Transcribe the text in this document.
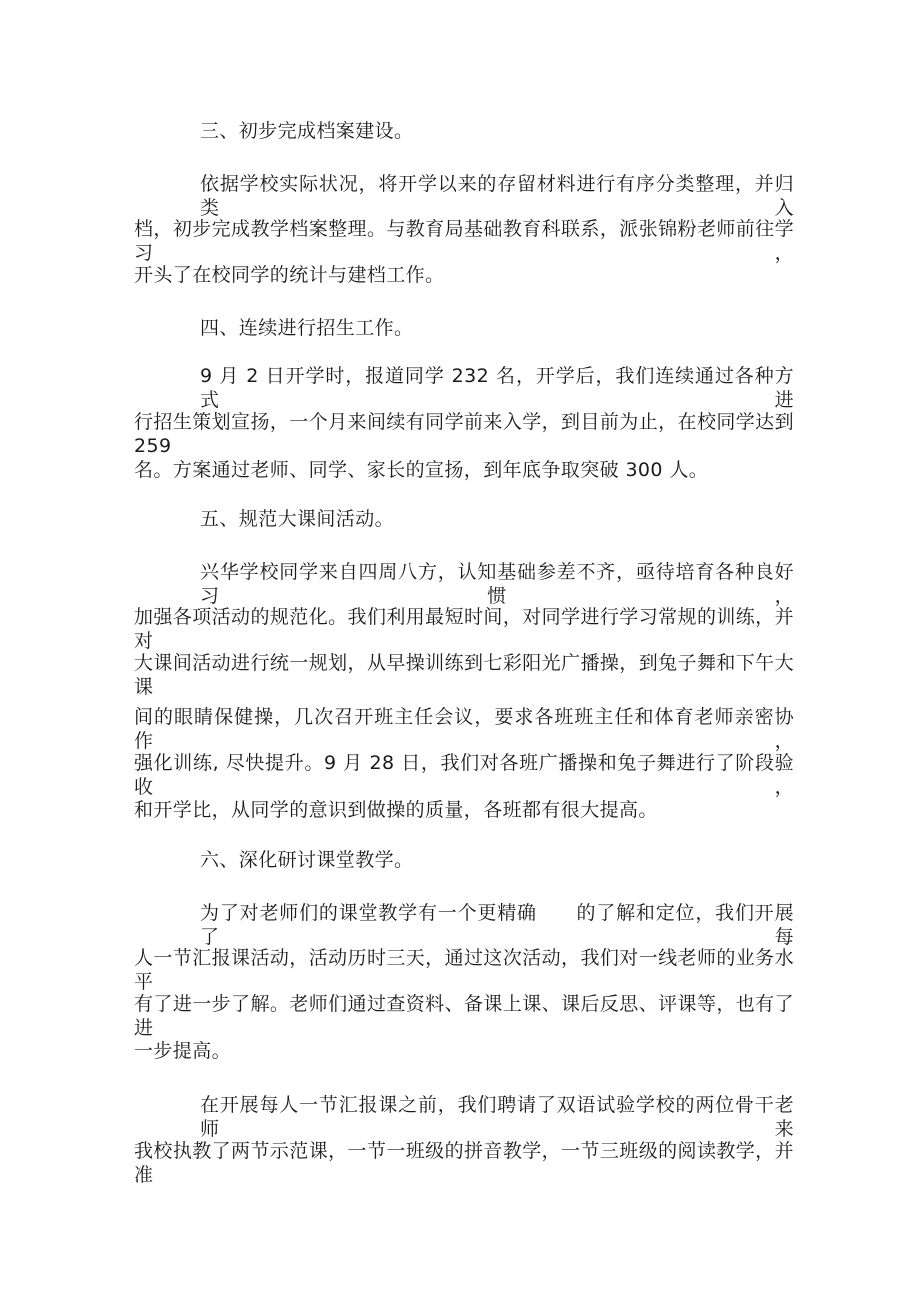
三、初步完成档案建设。
依据学校实际状况，将开学以来的存留材料进行有序分类整理，并归类入
档，初步完成教学档案整理。与教育局基础教育科联系，派张锦粉老师前往学习，
开头了在校同学的统计与建档工作。
四、连续进行招生工作。
9 月 2 日开学时，报道同学 232 名，开学后，我们连续通过各种方式进
行招生策划宣扬，一个月来间续有同学前来入学，到目前为止，在校同学达到 259
名。方案通过老师、同学、家长的宣扬，到年底争取突破 300 人。
五、规范大课间活动。
兴华学校同学来自四周八方，认知基础参差不齐，亟待培育各种良好习惯，
加强各项活动的规范化。我们利用最短时间，对同学进行学习常规的训练，并对
大课间活动进行统一规划，从早操训练到七彩阳光广播操，到兔子舞和下午大课
间的眼睛保健操，几次召开班主任会议，要求各班班主任和体育老师亲密协作，
强化训练, 尽快提升。9 月 28 日，我们对各班广播操和兔子舞进行了阶段验收，
和开学比，从同学的意识到做操的质量，各班都有很大提高。
六、深化研讨课堂教学。
为了对老师们的课堂教学有一个更精确　　的了解和定位，我们开展了每
人一节汇报课活动，活动历时三天，通过这次活动，我们对一线老师的业务水平
有了进一步了解。老师们通过查资料、备课上课、课后反思、评课等，也有了进
一步提高。
在开展每人一节汇报课之前，我们聘请了双语试验学校的两位骨干老师来
我校执教了两节示范课，一节一班级的拼音教学，一节三班级的阅读教学，并准
